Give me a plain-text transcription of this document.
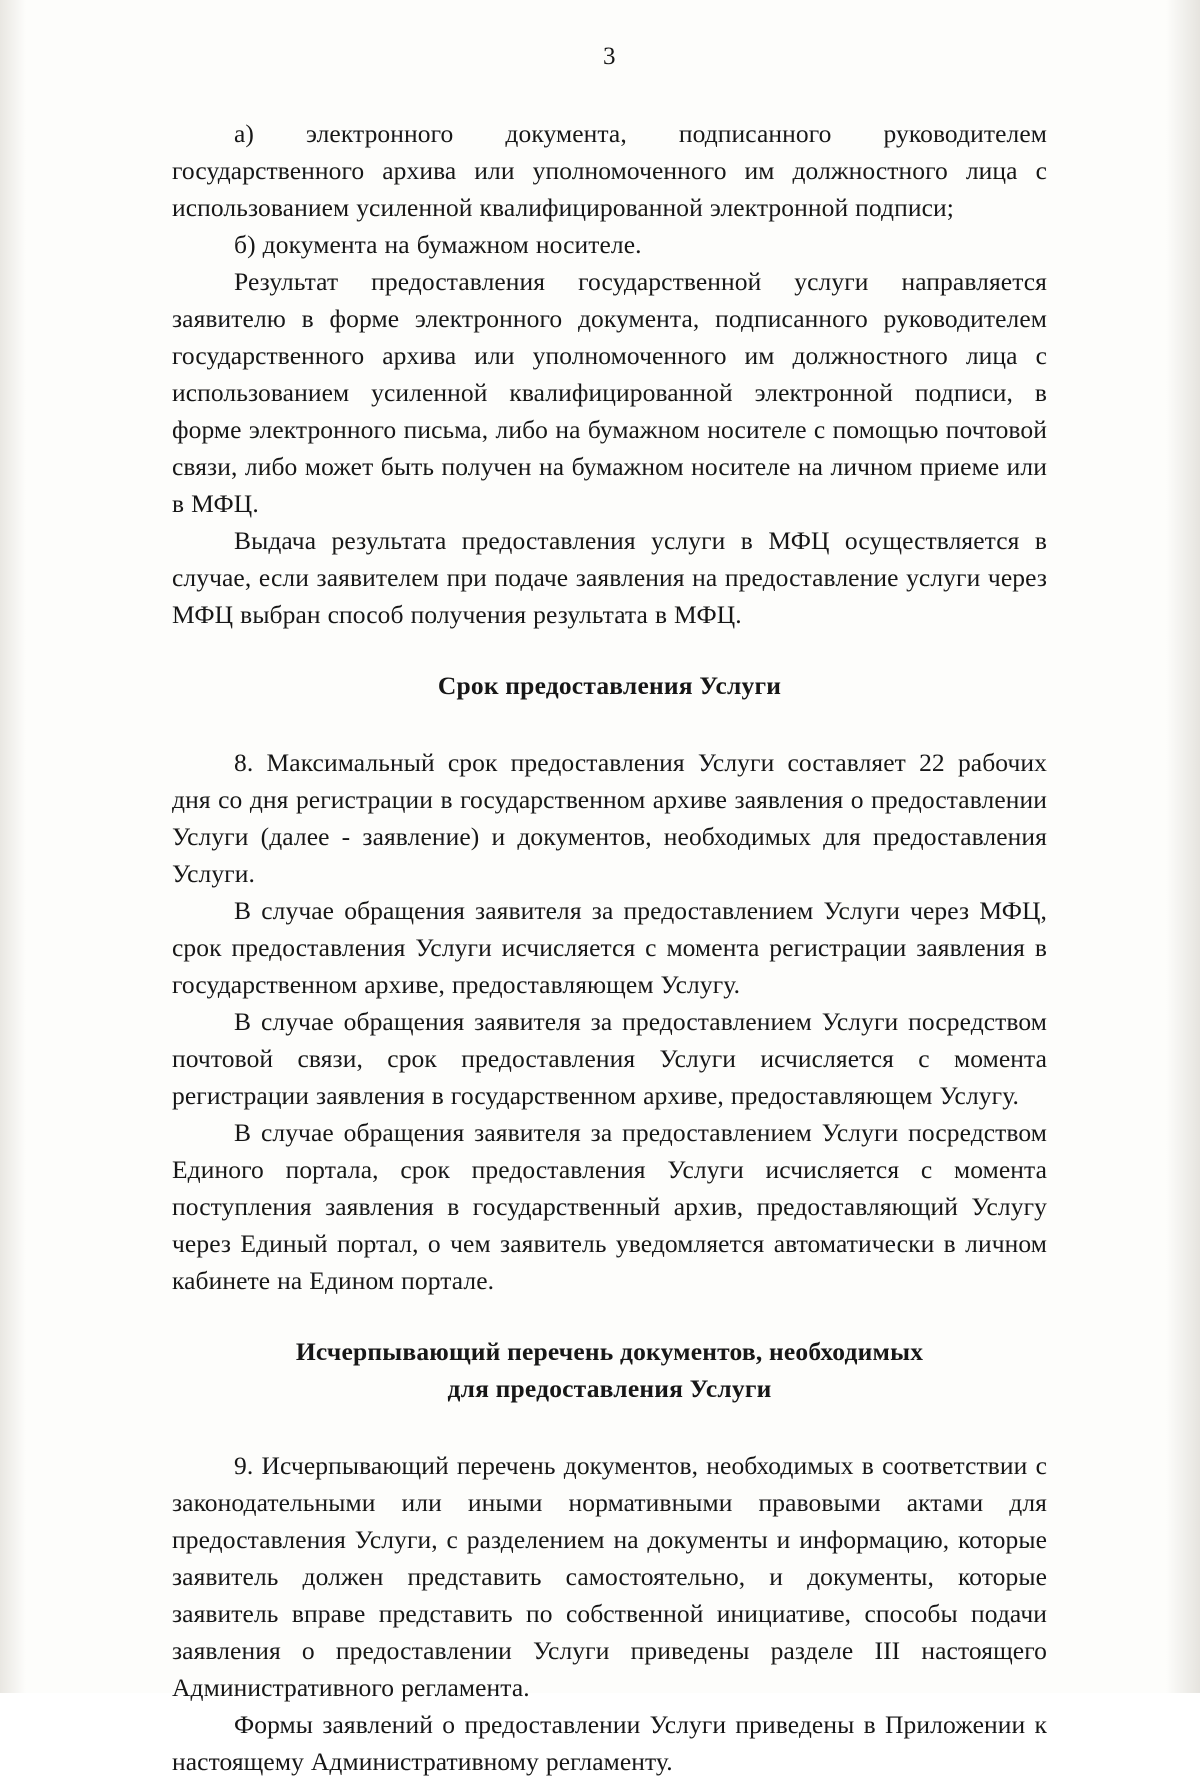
3

а) электронного документа, подписанного руководителем государственного архива или уполномоченного им должностного лица с использованием усиленной квалифицированной электронной подписи;

б) документа на бумажном носителе.

Результат предоставления государственной услуги направляется заявителю в форме электронного документа, подписанного руководителем государственного архива или уполномоченного им должностного лица с использованием усиленной квалифицированной электронной подписи, в форме электронного письма, либо на бумажном носителе с помощью почтовой связи, либо может быть получен на бумажном носителе на личном приеме или в МФЦ.

Выдача результата предоставления услуги в МФЦ осуществляется в случае, если заявителем при подаче заявления на предоставление услуги через МФЦ выбран способ получения результата в МФЦ.

Срок предоставления Услуги

8. Максимальный срок предоставления Услуги составляет 22 рабочих дня со дня регистрации в государственном архиве заявления о предоставлении Услуги (далее - заявление) и документов, необходимых для предоставления Услуги.

В случае обращения заявителя за предоставлением Услуги через МФЦ, срок предоставления Услуги исчисляется с момента регистрации заявления в государственном архиве, предоставляющем Услугу.

В случае обращения заявителя за предоставлением Услуги посредством почтовой связи, срок предоставления Услуги исчисляется с момента регистрации заявления в государственном архиве, предоставляющем Услугу.

В случае обращения заявителя за предоставлением Услуги посредством Единого портала, срок предоставления Услуги исчисляется с момента поступления заявления в государственный архив, предоставляющий Услугу через Единый портал, о чем заявитель уведомляется автоматически в личном кабинете на Едином портале.

Исчерпывающий перечень документов, необходимых
для предоставления Услуги

9. Исчерпывающий перечень документов, необходимых в соответствии с законодательными или иными нормативными правовыми актами для предоставления Услуги, с разделением на документы и информацию, которые заявитель должен представить самостоятельно, и документы, которые заявитель вправе представить по собственной инициативе, способы подачи заявления о предоставлении Услуги приведены разделе III настоящего Административного регламента.

Формы заявлений о предоставлении Услуги приведены в Приложении к настоящему Административному регламенту.
